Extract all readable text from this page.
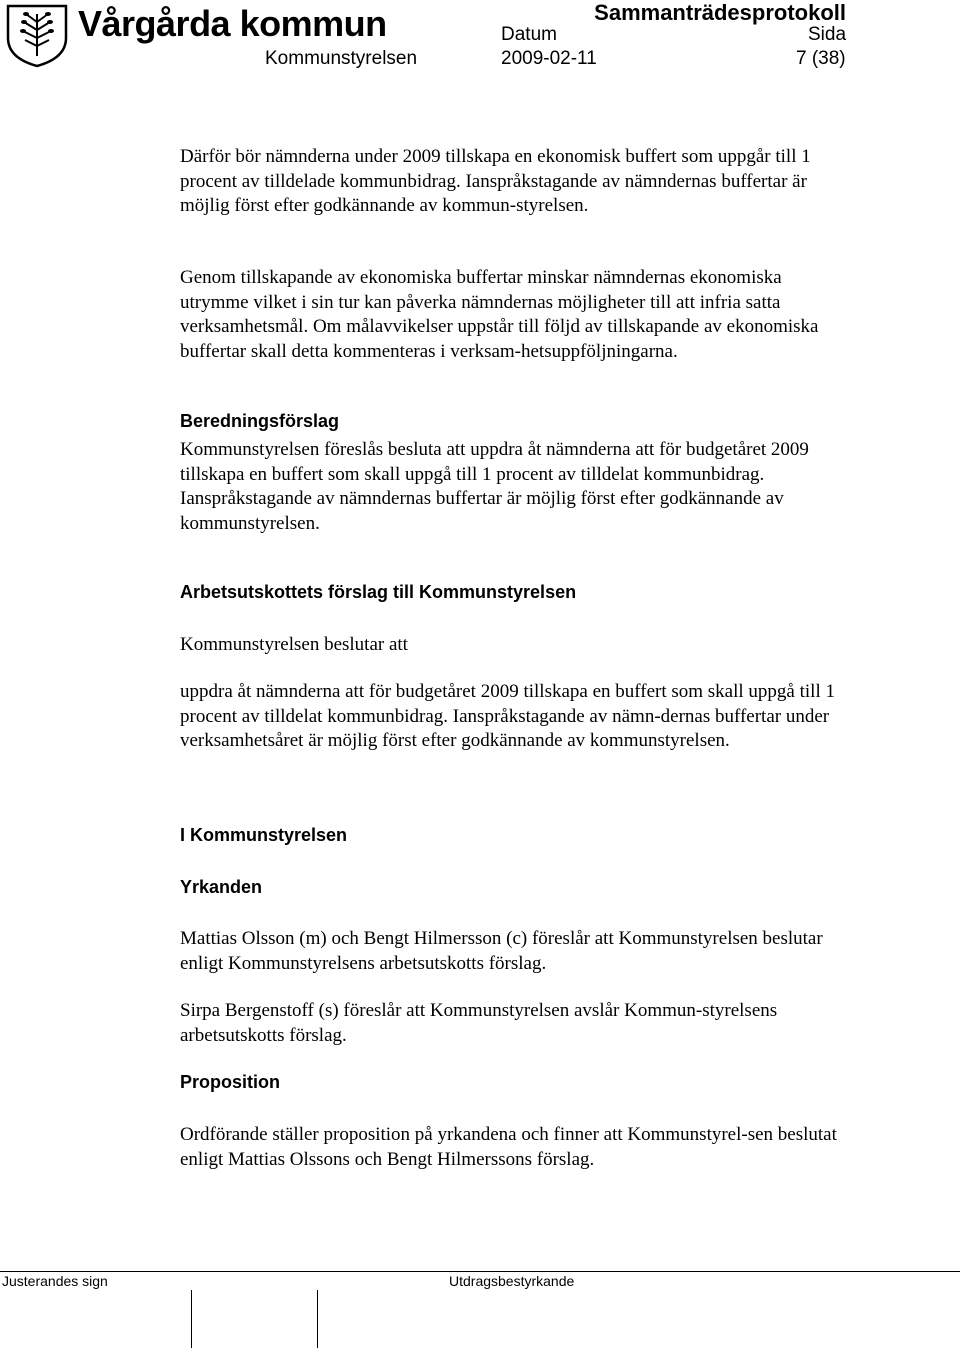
Vårgårda kommun
Kommunstyrelsen
Sammanträdesprotokoll
Datum	Sida
2009-02-11	7 (38)

Därför bör nämnderna under 2009 tillskapa en ekonomisk buffert som uppgår till 1 procent av tilldelade kommunbidrag. Ianspråkstagande av nämndernas buffertar är möjlig först efter godkännande av kommun-styrelsen.

Genom tillskapande av ekonomiska buffertar minskar nämndernas ekonomiska utrymme vilket i sin tur kan påverka nämndernas möjligheter till att infria satta verksamhetsmål. Om målavvikelser uppstår till följd av tillskapande av ekonomiska buffertar skall detta kommenteras i verksam-hetsuppföljningarna.

Beredningsförslag

Kommunstyrelsen föreslås besluta att uppdra åt nämnderna att för budgetåret 2009 tillskapa en buffert som skall uppgå till 1 procent av tilldelat kommunbidrag. Ianspråkstagande av nämndernas buffertar är möjlig först efter godkännande av kommunstyrelsen.

Arbetsutskottets förslag till Kommunstyrelsen

Kommunstyrelsen beslutar att

uppdra åt nämnderna att för budgetåret 2009 tillskapa en buffert som skall uppgå till 1 procent av tilldelat kommunbidrag. Ianspråkstagande av nämn-dernas buffertar under verksamhetsåret är möjlig först efter godkännande av kommunstyrelsen.

I Kommunstyrelsen
Yrkanden

Mattias Olsson (m) och Bengt Hilmersson (c) föreslår att Kommunstyrelsen beslutar enligt Kommunstyrelsens arbetsutskotts förslag.

Sirpa Bergenstoff (s) föreslår att Kommunstyrelsen avslår Kommun-styrelsens arbetsutskotts förslag.

Proposition

Ordförande ställer proposition på yrkandena och finner att Kommunstyrel-sen beslutat enligt Mattias Olssons och Bengt Hilmerssons förslag.

Justerandes sign	Utdragsbestyrkande
